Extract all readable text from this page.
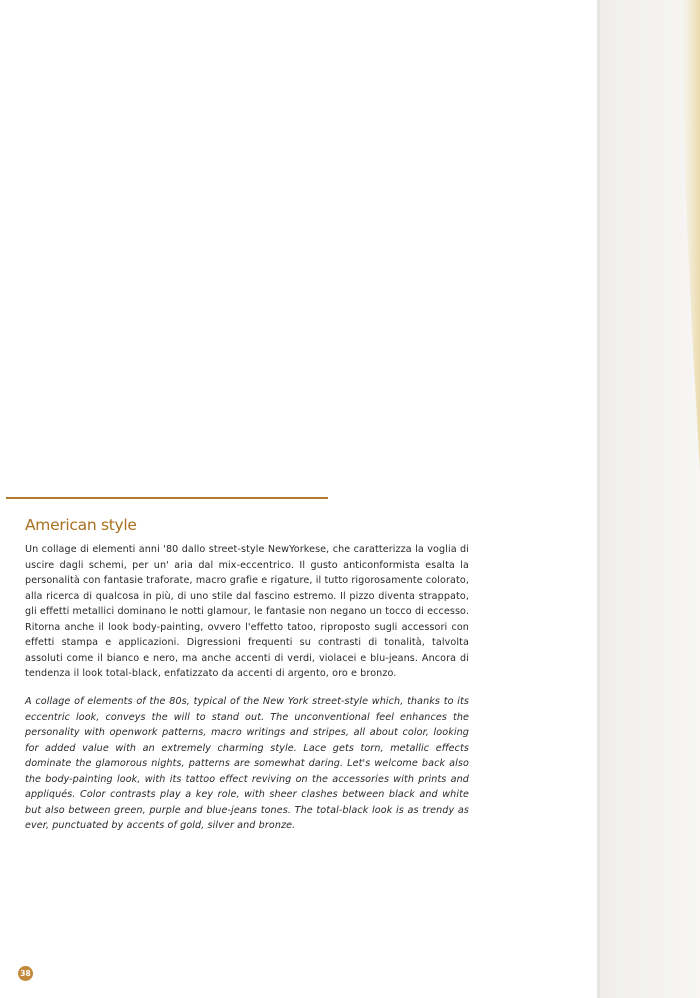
American style

Un collage di elementi anni '80 dallo street-style NewYorkese, che caratterizza la voglia di uscire dagli schemi, per un' aria dal mix-eccentrico. Il gusto anticonformista esalta la personalità con fantasie traforate, macro grafie e rigature, il tutto rigorosamente colorato, alla ricerca di qualcosa in più, di uno stile dal fascino estremo. Il pizzo diventa strappato, gli effetti metallici dominano le notti glamour, le fantasie non negano un tocco di eccesso. Ritorna anche il look body-painting, ovvero l'effetto tatoo, riproposto sugli accessori con effetti stampa e applicazioni. Digressioni frequenti su contrasti di tonalità, talvolta assoluti come il bianco e nero, ma anche accenti di verdi, violacei e blu-jeans. Ancora di tendenza il look total-black, enfatizzato da accenti di argento, oro e bronzo.

A collage of elements of the 80s, typical of the New York street-style which, thanks to its eccentric look, conveys the will to stand out. The unconventional feel enhances the personality with openwork patterns, macro writings and stripes, all about color, looking for added value with an extremely charming style. Lace gets torn, metallic effects dominate the glamorous nights, patterns are somewhat daring. Let's welcome back also the body-painting look, with its tattoo effect reviving on the accessories with prints and appliqués. Color contrasts play a key role, with sheer clashes between black and white but also between green, purple and blue-jeans tones. The total-black look is as trendy as ever, punctuated by accents of gold, silver and bronze.

38
